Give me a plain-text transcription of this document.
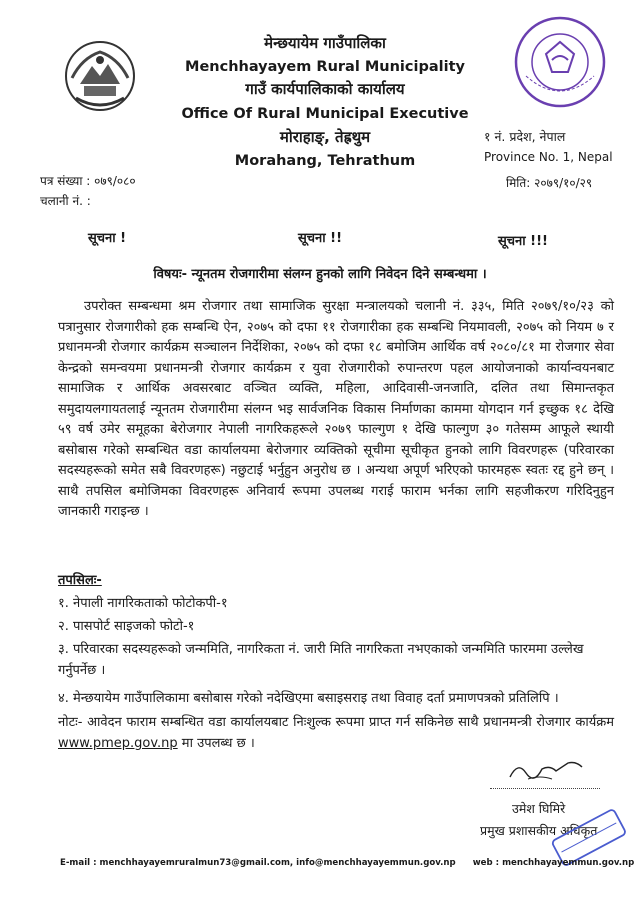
मेन्छयायेम गाउँपालिका
Menchhayayem Rural Municipality
गाउँ कार्यपालिकाको कार्यालय
Office Of Rural Municipal Executive
मोराहाङ्, तेह्रथुम
Morahang, Tehrathum
१ नं. प्रदेश, नेपाल
Province No. 1, Nepal
मिति: २०७९/१०/२९
पत्र संख्या : ०७९/०८०
चलानी नं. :
सूचना !	सूचना !!	सूचना !!!
विषयः- न्यूनतम रोजगारीमा संलग्न हुनको लागि निवेदन दिने सम्बन्धमा ।
उपरोक्त सम्बन्धमा श्रम रोजगार तथा सामाजिक सुरक्षा मन्त्रालयको चलानी नं. ३३५, मिति २०७९/१०/२३ को पत्रानुसार रोजगारीको हक सम्बन्धि ऐन, २०७५ को दफा ११ रोजगारीका हक सम्बन्धि नियमावली, २०७५ को नियम ७ र प्रधानमन्त्री रोजगार कार्यक्रम सञ्चालन निर्देशिका, २०७५ को दफा १८ बमोजिम आर्थिक वर्ष २०८०/८१ मा रोजगार सेवा केन्द्रको समन्वयमा प्रधानमन्त्री रोजगार कार्यक्रम र युवा रोजगारीको रुपान्तरण पहल आयोजनाको कार्यान्वयनबाट सामाजिक र आर्थिक अवसरबाट वञ्चित व्यक्ति, महिला, आदिवासी-जनजाति, दलित तथा सिमान्तकृत समुदायलगायतलाई न्यूनतम रोजगारीमा संलग्न भइ सार्वजनिक विकास निर्माणका काममा योगदान गर्न इच्छुक १८ देखि ५९ वर्ष उमेर समूहका बेरोजगार नेपाली नागरिकहरूले २०७९ फाल्गुण १ देखि फाल्गुण ३० गतेसम्म आफूले स्थायी बसोबास गरेको सम्बन्धित वडा कार्यालयमा बेरोजगार व्यक्तिको सूचीमा सूचीकृत हुनको लागि विवरणहरू (परिवारका सदस्यहरूको समेत सबै विवरणहरू) नछुटाई भर्नुहुन अनुरोध छ । अन्यथा अपूर्ण भरिएको फारमहरू स्वतः रद्द हुने छन् । साथै तपसिल बमोजिमका विवरणहरू अनिवार्य रूपमा उपलब्ध गराई फाराम भर्नका लागि सहजीकरण गरिदिनुहुन जानकारी गराइन्छ ।
तपसिलः-
१. नेपाली नागरिकताको फोटोकपी-१
२. पासपोर्ट साइजको फोटो-१
३. परिवारका सदस्यहरूको जन्ममिति, नागरिकता नं. जारी मिति नागरिकता नभएकाको जन्ममिति फारममा उल्लेख गर्नुपर्नेछ ।
४. मेन्छयायेम गाउँपालिकामा बसोबास गरेको नदेखिएमा बसाइसराइ तथा विवाह दर्ता प्रमाणपत्रको प्रतिलिपि ।
नोटः- आवेदन फाराम सम्बन्धित वडा कार्यालयबाट निःशुल्क रूपमा प्राप्त गर्न सकिनेछ साथै प्रधानमन्त्री रोजगार कार्यक्रम www.pmep.gov.np मा उपलब्ध छ ।
उमेश घिमिरे
प्रमुख प्रशासकीय अधिकृत
E-mail : menchhayayemruralmun73@gmail.com, info@menchhayayemmun.gov.np web : menchhayayemmun.gov.np
